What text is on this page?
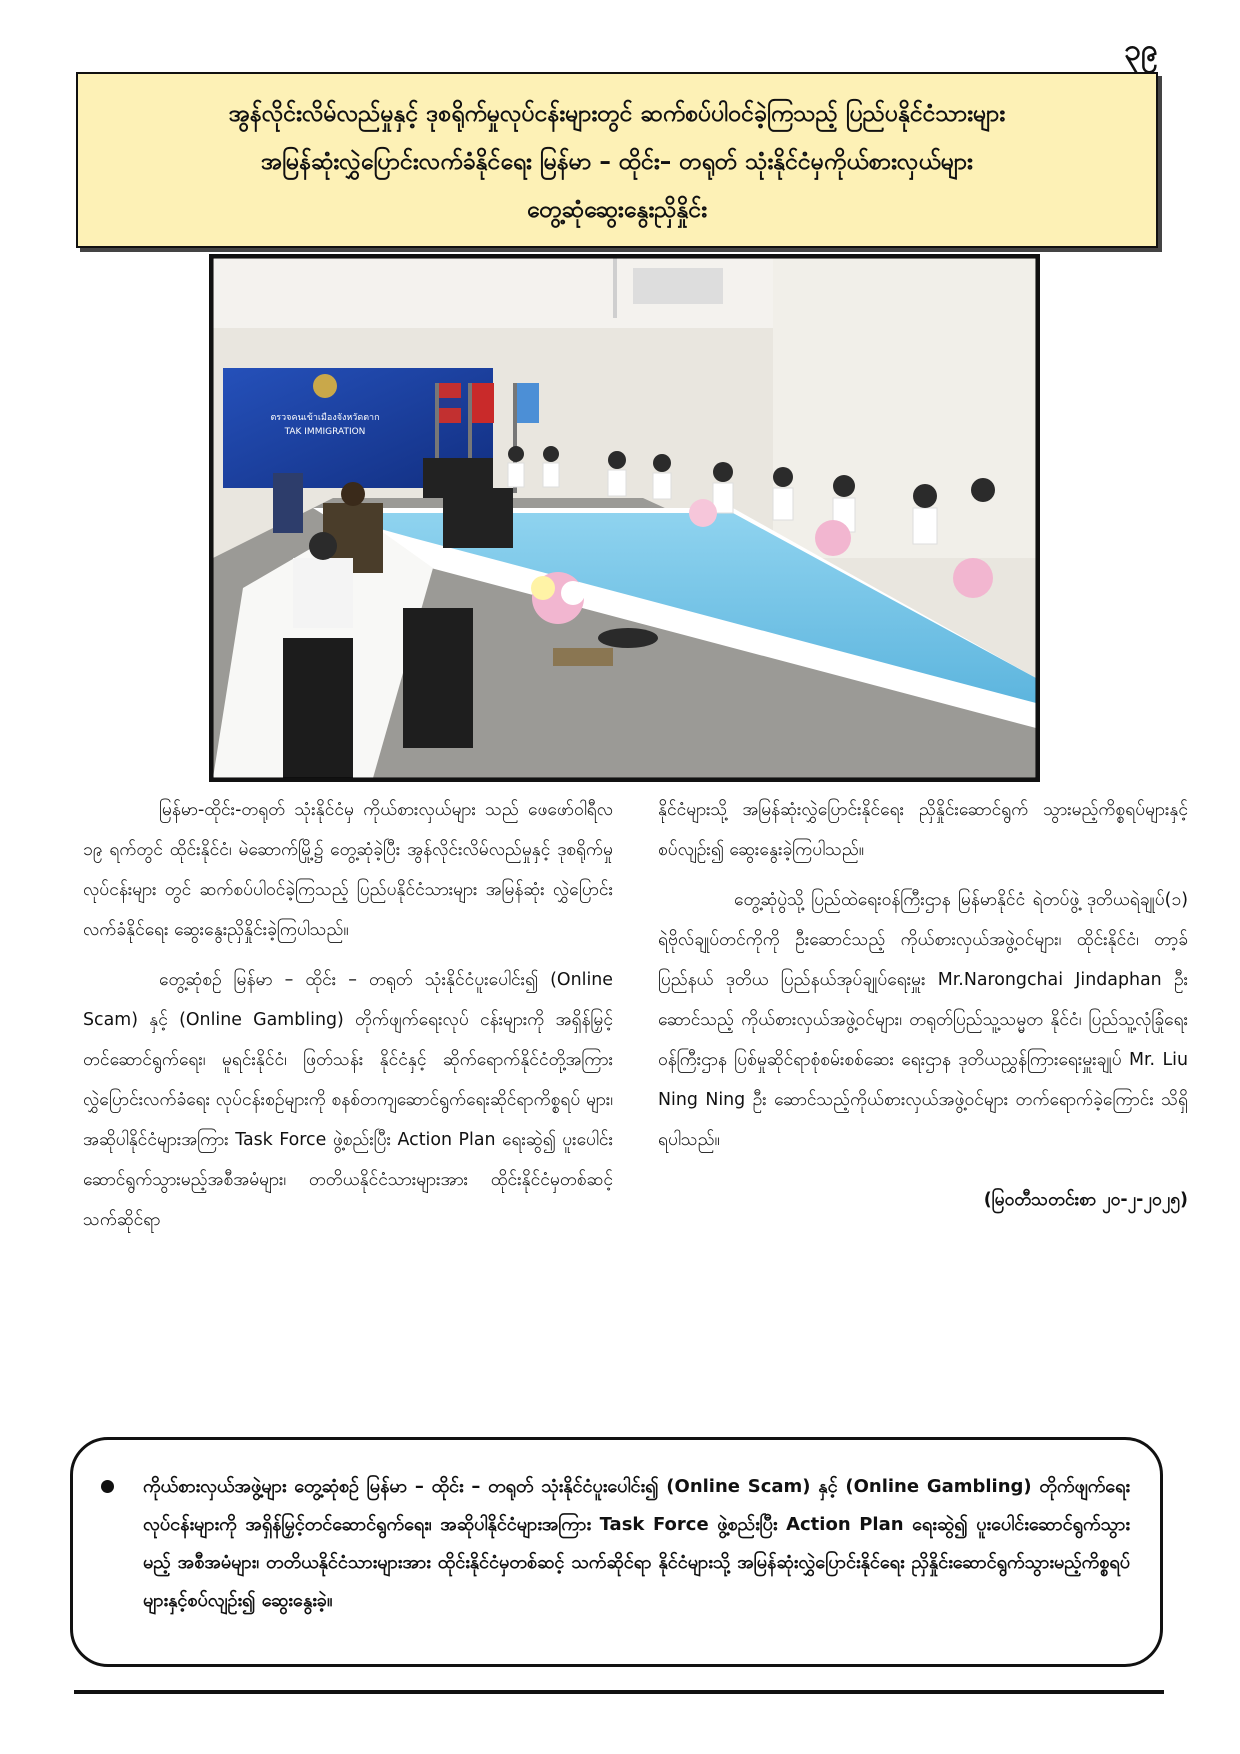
၃၉
အွန်လိုင်းလိမ်လည်မှုနှင့် ဒုစရိုက်မှုလုပ်ငန်းများတွင် ဆက်စပ်ပါဝင်ခဲ့ကြသည့် ပြည်ပနိုင်ငံသားများ
အမြန်ဆုံးလွှဲပြောင်းလက်ခံနိုင်ရေး မြန်မာ – ထိုင်း– တရုတ် သုံးနိုင်ငံမှကိုယ်စားလှယ်များ
တွေ့ဆုံဆွေးနွေးညှိနှိုင်း
ตรวจคนเข้าเมืองจังหวัดตาก
TAK IMMIGRATION

မြန်မာ-ထိုင်း-တရုတ် သုံးနိုင်ငံမှ ကိုယ်စားလှယ်များ သည် ဖေဖော်ဝါရီလ ၁၉ ရက်တွင် ထိုင်းနိုင်ငံ၊ မဲဆောက်မြို့၌ တွေ့ဆုံခဲ့ပြီး အွန်လိုင်းလိမ်လည်မှုနှင့် ဒုစရိုက်မှုလုပ်ငန်းများ တွင် ဆက်စပ်ပါဝင်ခဲ့ကြသည့် ပြည်ပနိုင်ငံသားများ အမြန်ဆုံး လွှဲပြောင်းလက်ခံနိုင်ရေး ဆွေးနွေးညှိနှိုင်းခဲ့ကြပါသည်။

တွေ့ဆုံစဉ် မြန်မာ – ထိုင်း – တရုတ် သုံးနိုင်ငံပူးပေါင်း၍ (Online Scam) နှင့် (Online Gambling) တိုက်ဖျက်ရေးလုပ် ငန်းများကို အရှိန်မြှင့်တင်ဆောင်ရွက်ရေး၊ မူရင်းနိုင်ငံ၊ ဖြတ်သန်း နိုင်ငံနှင့် ဆိုက်ရောက်နိုင်ငံတို့အကြား လွှဲပြောင်းလက်ခံရေး လုပ်ငန်းစဉ်များကို စနစ်တကျဆောင်ရွက်ရေးဆိုင်ရာကိစ္စရပ် များ၊ အဆိုပါနိုင်ငံများအကြား Task Force ဖွဲ့စည်းပြီး Action Plan ရေးဆွဲ၍ ပူးပေါင်းဆောင်ရွက်သွားမည့်အစီအမံများ၊ တတိယနိုင်ငံသားများအား ထိုင်းနိုင်ငံမှတစ်ဆင့် သက်ဆိုင်ရာ

နိုင်ငံများသို့ အမြန်ဆုံးလွှဲပြောင်းနိုင်ရေး ညှိနှိုင်းဆောင်ရွက် သွားမည့်ကိစ္စရပ်များနှင့်စပ်လျဉ်း၍ ဆွေးနွေးခဲ့ကြပါသည်။

တွေ့ဆုံပွဲသို့ ပြည်ထဲရေးဝန်ကြီးဌာန မြန်မာနိုင်ငံ ရဲတပ်ဖွဲ့ ဒုတိယရဲချုပ်(၁) ရဲဗိုလ်ချုပ်တင်ကိုကို ဦးဆောင်သည့် ကိုယ်စားလှယ်အဖွဲ့ဝင်များ၊ ထိုင်းနိုင်ငံ၊ တာ့ခ်ပြည်နယ် ဒုတိယ ပြည်နယ်အုပ်ချုပ်ရေးမှူး Mr.Narongchai Jindaphan ဦး ဆောင်သည့် ကိုယ်စားလှယ်အဖွဲ့ဝင်များ၊ တရုတ်ပြည်သူ့သမ္မတ နိုင်ငံ၊ ပြည်သူ့လုံခြုံရေးဝန်ကြီးဌာန ပြစ်မှုဆိုင်ရာစုံစမ်းစစ်ဆေး ရေးဌာန ဒုတိယညွှန်ကြားရေးမှူးချုပ် Mr. Liu Ning Ning ဦး ဆောင်သည့်ကိုယ်စားလှယ်အဖွဲ့ဝင်များ တက်ရောက်ခဲ့ကြောင်း သိရှိရပါသည်။

(မြဝတီသတင်းစာ ၂၀-၂-၂၀၂၅)

ကိုယ်စားလှယ်အဖွဲ့များ တွေ့ဆုံစဉ် မြန်မာ – ထိုင်း – တရုတ် သုံးနိုင်ငံပူးပေါင်း၍ (Online Scam) နှင့် (Online Gambling) တိုက်ဖျက်ရေးလုပ်ငန်းများကို အရှိန်မြှင့်တင်ဆောင်ရွက်ရေး၊ အဆိုပါနိုင်ငံများအကြား Task Force ဖွဲ့စည်းပြီး Action Plan ရေးဆွဲ၍ ပူးပေါင်းဆောင်ရွက်သွားမည့် အစီအမံများ၊ တတိယနိုင်ငံသားများအား ထိုင်းနိုင်ငံမှတစ်ဆင့် သက်ဆိုင်ရာ နိုင်ငံများသို့ အမြန်ဆုံးလွှဲပြောင်းနိုင်ရေး ညှိနှိုင်းဆောင်ရွက်သွားမည့်ကိစ္စရပ်များနှင့်စပ်လျဉ်း၍ ဆွေးနွေးခဲ့။
